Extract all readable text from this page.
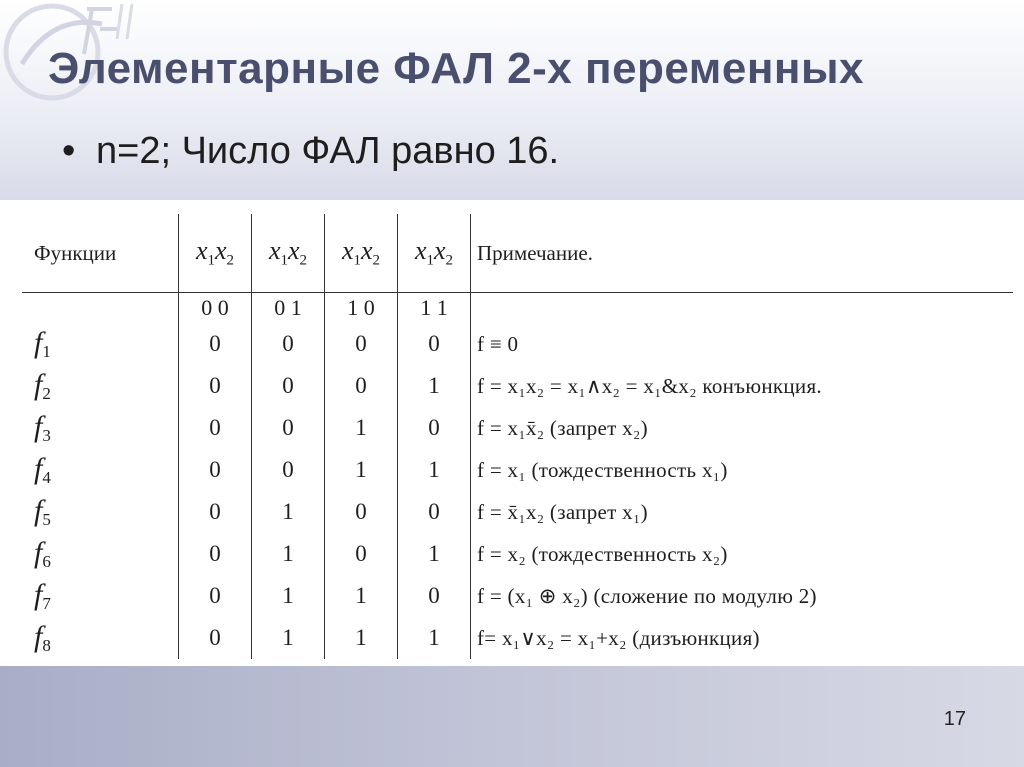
Элементарные ФАЛ 2-х переменных
• n=2; Число ФАЛ равно 16.
Функции	$x_1x_2$	$x_1x_2$	$x_1x_2$	$x_1x_2$	Примечание.
	0 0	0 1	1 0	1 1	
$f_1$	0	0	0	0	f ≡ 0
$f_2$	0	0	0	1	f = x₁x₂ = x₁∧x₂ = x₁&x₂ конъюнкция.
$f_3$	0	0	1	0	f = x₁x̄₂ (запрет x₂)
$f_4$	0	0	1	1	f = x₁ (тождественность x₁)
$f_5$	0	1	0	0	f = x̄₁x₂ (запрет x₁)
$f_6$	0	1	0	1	f = x₂ (тождественность x₂)
$f_7$	0	1	1	0	f = (x₁ ⊕ x₂) (сложение по модулю 2)
$f_8$	0	1	1	1	f= x₁∨x₂ = x₁+x₂ (дизъюнкция)
17
